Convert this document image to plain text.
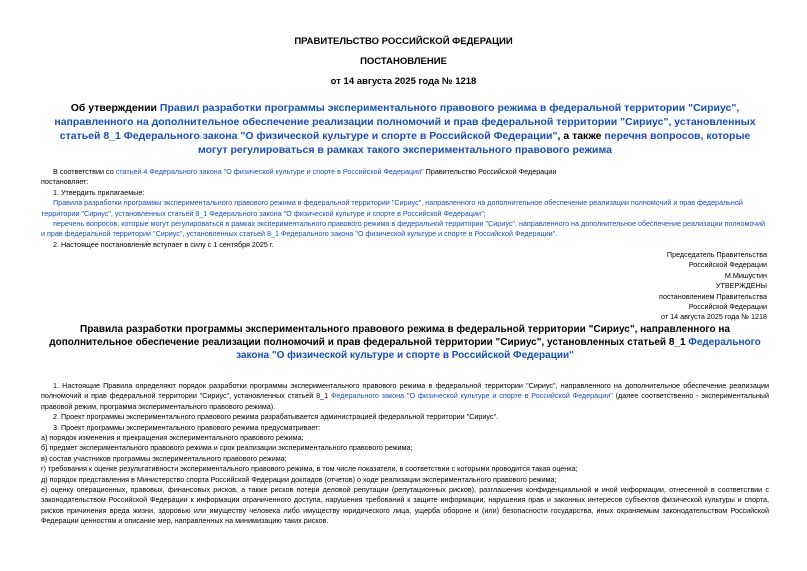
ПРАВИТЕЛЬСТВО РОССИЙСКОЙ ФЕДЕРАЦИИ
ПОСТАНОВЛЕНИЕ
от 14 августа 2025 года № 1218
Об утверждении Правил разработки программы экспериментального правового режима в федеральной территории "Сириус", направленного на дополнительное обеспечение реализации полномочий и прав федеральной территории "Сириус", установленных статьей 8_1 Федерального закона "О физической культуре и спорте в Российской Федерации", а также перечня вопросов, которые могут регулироваться в рамках такого экспериментального правового режима

В соответствии со статьей 4 Федерального закона "О физической культуре и спорте в Российской Федерации" Правительство Российской Федерации

постановляет:

1. Утвердить прилагаемые:

Правила разработки программы экспериментального правового режима в федеральной территории "Сириус", направленного на дополнительное обеспечение реализации полномочий и прав федеральной территории "Сириус", установленных статьей 8_1 Федерального закона "О физической культуре и спорте в Российской Федерации";

перечень вопросов, которые могут регулироваться в рамках экспериментального правового режима в федеральной территории "Сириус", направленного на дополнительное обеспечение реализации полномочий и прав федеральной территории "Сириус", установленных статьей 8_1 Федерального закона "О физической культуре и спорте в Российской Федерации".

2. Настоящее постановление вступает в силу с 1 сентября 2025 г.

Председатель Правительства

Российской Федерации

М.Мишустин

УТВЕРЖДЕНЫ

постановлением Правительства

Российской Федерации

от 14 августа 2025 года № 1218

Правила разработки программы экспериментального правового режима в федеральной территории "Сириус", направленного на дополнительное обеспечение реализации полномочий и прав федеральной территории "Сириус", установленных статьей 8_1 Федерального закона "О физической культуре и спорте в Российской Федерации"

1. Настоящие Правила определяют порядок разработки программы экспериментального правового режима в федеральной территории "Сириус", направленного на дополнительное обеспечение реализации полномочий и прав федеральной территории "Сириус", установленных статьей 8_1 Федерального закона "О физической культуре и спорте в Российской Федерации" (далее соответственно - экспериментальный правовой режим, программа экспериментального правового режима).

2. Проект программы экспериментального правового режима разрабатывается администрацией федеральной территории "Сириус".

3. Проект программы экспериментального правового режима предусматривает:

а) порядок изменения и прекращения экспериментального правового режима;

б) предмет экспериментального правового режима и срок реализации экспериментального правового режима;

в) состав участников программы экспериментального правового режима;

г) требования к оценке результативности экспериментального правового режима, в том числе показатели, в соответствии с которыми проводится такая оценка;

д) порядок представления в Министерство спорта Российской Федерации докладов (отчетов) о ходе реализации экспериментального правового режима;

е) оценку операционных, правовых, финансовых рисков, а также рисков потери деловой репутации (репутационных рисков), разглашения конфиденциальной и иной информации, отнесенной в соответствии с законодательством Российской Федерации к информации ограниченного доступа, нарушения требований к защите информации, нарушения прав и законных интересов субъектов физической культуры и спорта, рисков причинения вреда жизни, здоровью или имуществу человека либо имуществу юридического лица, ущерба обороне и (или) безопасности государства, иных охраняемым законодательством Российской Федерации ценностям и описание мер, направленных на минимизацию таких рисков.
